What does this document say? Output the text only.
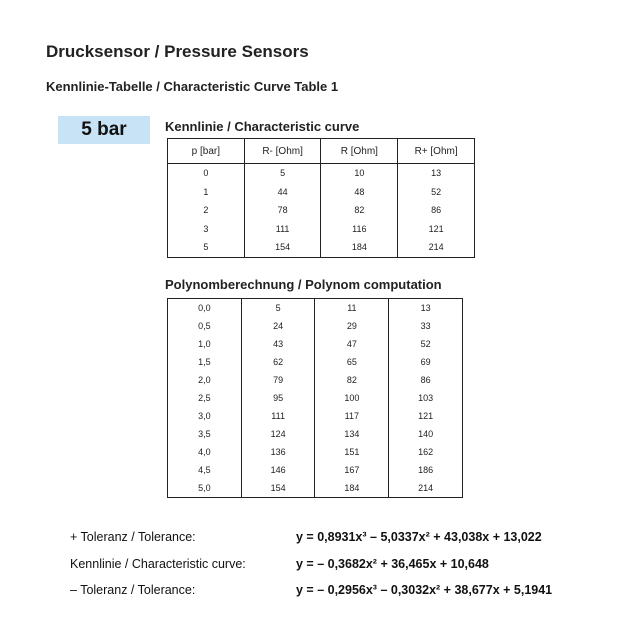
Drucksensor / Pressure Sensors
Kennlinie-Tabelle / Characteristic Curve Table 1
5 bar	Kennlinie / Characteristic curve
p [bar]	R- [Ohm]	R [Ohm]	R+ [Ohm]
0	5	10	13
1	44	48	52
2	78	82	86
3	111	116	121
5	154	184	214
Polynomberechnung / Polynom computation
0,0	5	11	13
0,5	24	29	33
1,0	43	47	52
1,5	62	65	69
2,0	79	82	86
2,5	95	100	103
3,0	111	117	121
3,5	124	134	140
4,0	136	151	162
4,5	146	167	186
5,0	154	184	214
+ Toleranz / Tolerance:	y = 0,8931x³ – 5,0337x² + 43,038x + 13,022
Kennlinie / Characteristic curve:	y = – 0,3682x² + 36,465x + 10,648
– Toleranz / Tolerance:	y = – 0,2956x³ – 0,3032x² + 38,677x + 5,1941
